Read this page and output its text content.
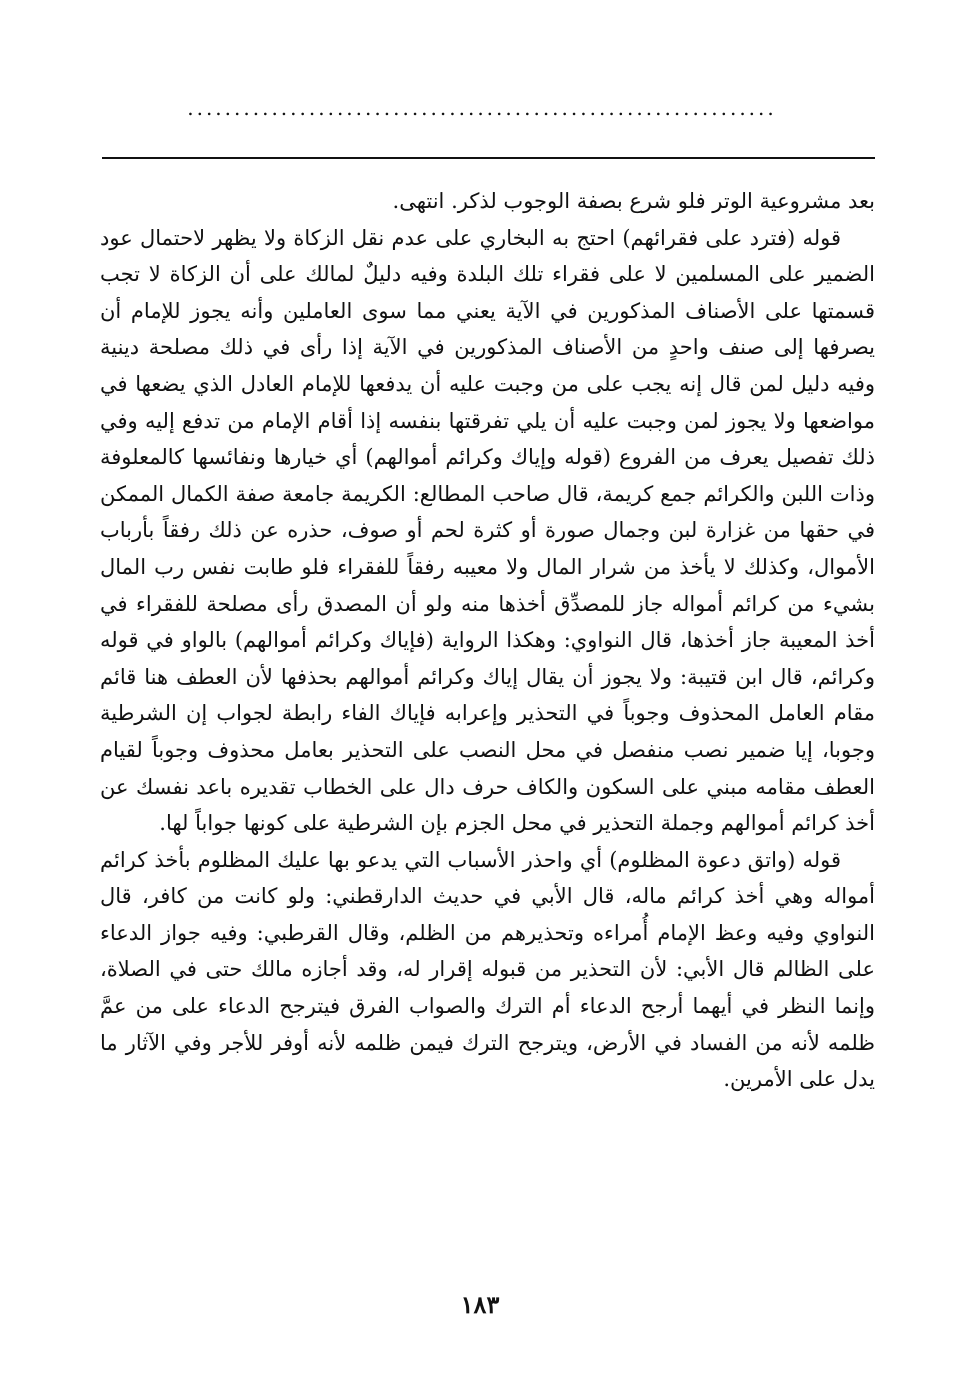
...............................................................

بعد مشروعية الوتر فلو شرع بصفة الوجوب لذكر. انتهى.

قوله (فترد على فقرائهم) احتج به البخاري على عدم نقل الزكاة ولا يظهر لاحتمال عود الضمير على المسلمين لا على فقراء تلك البلدة وفيه دليلٌ لمالك على أن الزكاة لا تجب قسمتها على الأصناف المذكورين في الآية يعني مما سوى العاملين وأنه يجوز للإمام أن يصرفها إلى صنف واحدٍ من الأصناف المذكورين في الآية إذا رأى في ذلك مصلحة دينية وفيه دليل لمن قال إنه يجب على من وجبت عليه أن يدفعها للإمام العادل الذي يضعها في مواضعها ولا يجوز لمن وجبت عليه أن يلي تفرقتها بنفسه إذا أقام الإمام من تدفع إليه وفي ذلك تفصيل يعرف من الفروع (قوله وإياك وكرائم أموالهم) أي خيارها ونفائسها كالمعلوفة وذات اللبن والكرائم جمع كريمة، قال صاحب المطالع: الكريمة جامعة صفة الكمال الممكن في حقها من غزارة لبن وجمال صورة أو كثرة لحم أو صوف، حذره عن ذلك رفقاً بأرباب الأموال، وكذلك لا يأخذ من شرار المال ولا معيبه رفقاً للفقراء فلو طابت نفس رب المال بشيء من كرائم أمواله جاز للمصدِّق أخذها منه ولو أن المصدق رأى مصلحة للفقراء في أخذ المعيبة جاز أخذها، قال النواوي: وهكذا الرواية (فإياك وكرائم أموالهم) بالواو في قوله وكرائم، قال ابن قتيبة: ولا يجوز أن يقال إياك وكرائم أموالهم بحذفها لأن العطف هنا قائم مقام العامل المحذوف وجوباً في التحذير وإعرابه فإياك الفاء رابطة لجواب إن الشرطية وجوبا، إيا ضمير نصب منفصل في محل النصب على التحذير بعامل محذوف وجوباً لقيام العطف مقامه مبني على السكون والكاف حرف دال على الخطاب تقديره باعد نفسك عن أخذ كرائم أموالهم وجملة التحذير في محل الجزم بإن الشرطية على كونها جواباً لها.

قوله (واتق دعوة المظلوم) أي واحذر الأسباب التي يدعو بها عليك المظلوم بأخذ كرائم أمواله وهي أخذ كرائم ماله، قال الأبي في حديث الدارقطني: ولو كانت من كافر، قال النواوي وفيه وعظ الإمام أُمراءه وتحذيرهم من الظلم، وقال القرطبي: وفيه جواز الدعاء على الظالم قال الأبي: لأن التحذير من قبوله إقرار له، وقد أجازه مالك حتى في الصلاة، وإنما النظر في أيهما أرجح الدعاء أم الترك والصواب الفرق فيترجح الدعاء على من عمَّ ظلمه لأنه من الفساد في الأرض، ويترجح الترك فيمن ظلمه لأنه أوفر للأجر وفي الآثار ما يدل على الأمرين.

١٨٣
